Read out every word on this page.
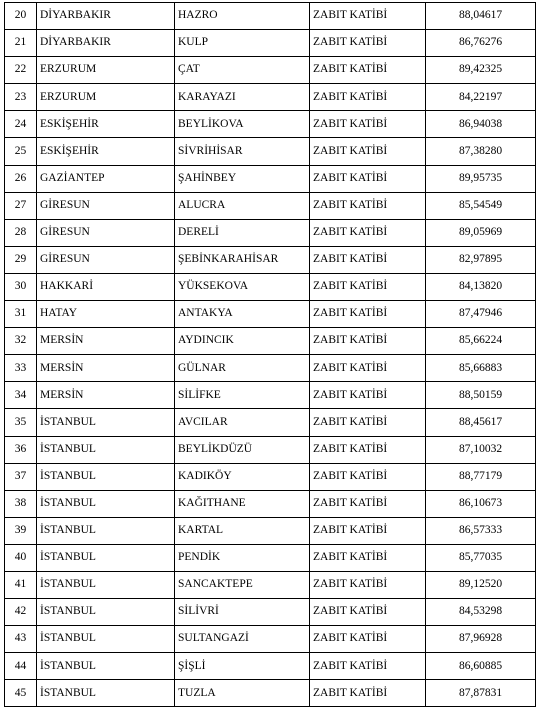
20	DİYARBAKIR	HAZRO	ZABIT KATİBİ	88,04617
21	DİYARBAKIR	KULP	ZABIT KATİBİ	86,76276
22	ERZURUM	ÇAT	ZABIT KATİBİ	89,42325
23	ERZURUM	KARAYAZI	ZABIT KATİBİ	84,22197
24	ESKİŞEHİR	BEYLİKOVA	ZABIT KATİBİ	86,94038
25	ESKİŞEHİR	SİVRİHİSAR	ZABIT KATİBİ	87,38280
26	GAZİANTEP	ŞAHİNBEY	ZABIT KATİBİ	89,95735
27	GİRESUN	ALUCRA	ZABIT KATİBİ	85,54549
28	GİRESUN	DERELİ	ZABIT KATİBİ	89,05969
29	GİRESUN	ŞEBİNKARAHİSAR	ZABIT KATİBİ	82,97895
30	HAKKARİ	YÜKSEKOVA	ZABIT KATİBİ	84,13820
31	HATAY	ANTAKYA	ZABIT KATİBİ	87,47946
32	MERSİN	AYDINCIK	ZABIT KATİBİ	85,66224
33	MERSİN	GÜLNAR	ZABIT KATİBİ	85,66883
34	MERSİN	SİLİFKE	ZABIT KATİBİ	88,50159
35	İSTANBUL	AVCILAR	ZABIT KATİBİ	88,45617
36	İSTANBUL	BEYLİKDÜZÜ	ZABIT KATİBİ	87,10032
37	İSTANBUL	KADIKÖY	ZABIT KATİBİ	88,77179
38	İSTANBUL	KAĞITHANE	ZABIT KATİBİ	86,10673
39	İSTANBUL	KARTAL	ZABIT KATİBİ	86,57333
40	İSTANBUL	PENDİK	ZABIT KATİBİ	85,77035
41	İSTANBUL	SANCAKTEPE	ZABIT KATİBİ	89,12520
42	İSTANBUL	SİLİVRİ	ZABIT KATİBİ	84,53298
43	İSTANBUL	SULTANGAZİ	ZABIT KATİBİ	87,96928
44	İSTANBUL	ŞİŞLİ	ZABIT KATİBİ	86,60885
45	İSTANBUL	TUZLA	ZABIT KATİBİ	87,87831
